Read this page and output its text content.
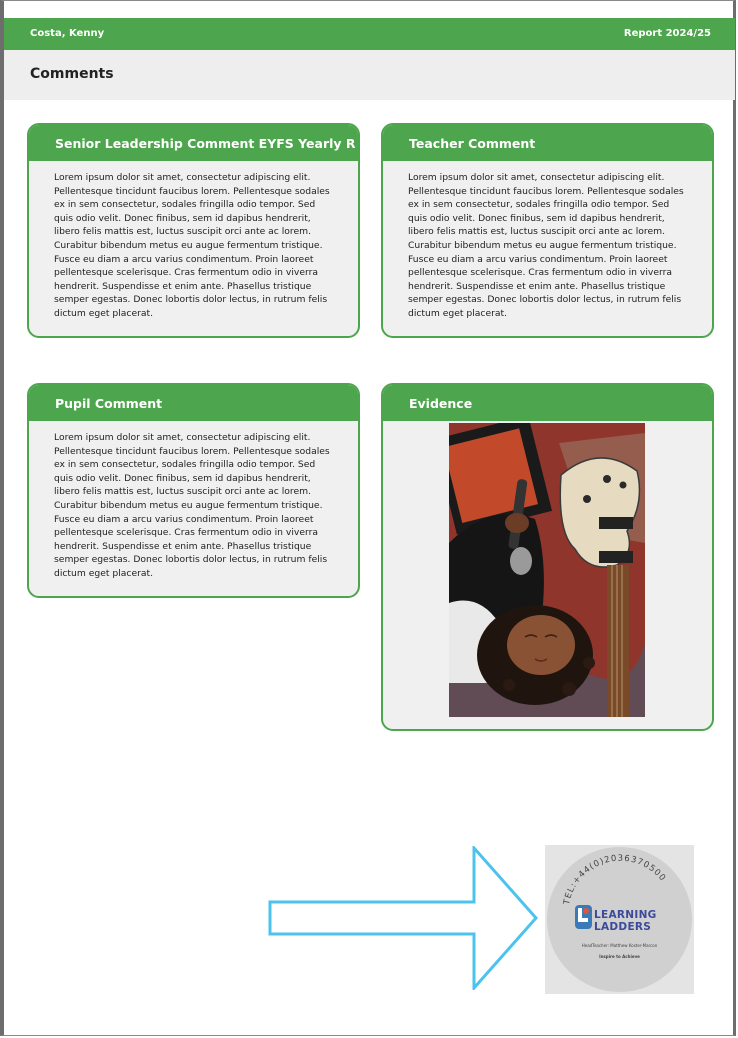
Costa, Kenny	Report 2024/25
Comments
Senior Leadership Comment EYFS Yearly R
Lorem ipsum dolor sit amet, consectetur adipiscing elit. Pellentesque tincidunt faucibus lorem. Pellentesque sodales ex in sem consectetur, sodales fringilla odio tempor. Sed quis odio velit. Donec finibus, sem id dapibus hendrerit, libero felis mattis est, luctus suscipit orci ante ac lorem. Curabitur bibendum metus eu augue fermentum tristique. Fusce eu diam a arcu varius condimentum. Proin laoreet pellentesque scelerisque. Cras fermentum odio in viverra hendrerit. Suspendisse et enim ante. Phasellus tristique semper egestas. Donec lobortis dolor lectus, in rutrum felis dictum eget placerat.
Teacher Comment
Lorem ipsum dolor sit amet, consectetur adipiscing elit. Pellentesque tincidunt faucibus lorem. Pellentesque sodales ex in sem consectetur, sodales fringilla odio tempor. Sed quis odio velit. Donec finibus, sem id dapibus hendrerit, libero felis mattis est, luctus suscipit orci ante ac lorem. Curabitur bibendum metus eu augue fermentum tristique. Fusce eu diam a arcu varius condimentum. Proin laoreet pellentesque scelerisque. Cras fermentum odio in viverra hendrerit. Suspendisse et enim ante. Phasellus tristique semper egestas. Donec lobortis dolor lectus, in rutrum felis dictum eget placerat.
Pupil Comment
Lorem ipsum dolor sit amet, consectetur adipiscing elit. Pellentesque tincidunt faucibus lorem. Pellentesque sodales ex in sem consectetur, sodales fringilla odio tempor. Sed quis odio velit. Donec finibus, sem id dapibus hendrerit, libero felis mattis est, luctus suscipit orci ante ac lorem. Curabitur bibendum metus eu augue fermentum tristique. Fusce eu diam a arcu varius condimentum. Proin laoreet pellentesque scelerisque. Cras fermentum odio in viverra hendrerit. Suspendisse et enim ante. Phasellus tristique semper egestas. Donec lobortis dolor lectus, in rutrum felis dictum eget placerat.
Evidence
TEL:+44(0)2036370500
LEARNING
LADDERS
HeadTeacher: Matthew Koster-Marcon
Inspire to Achieve
